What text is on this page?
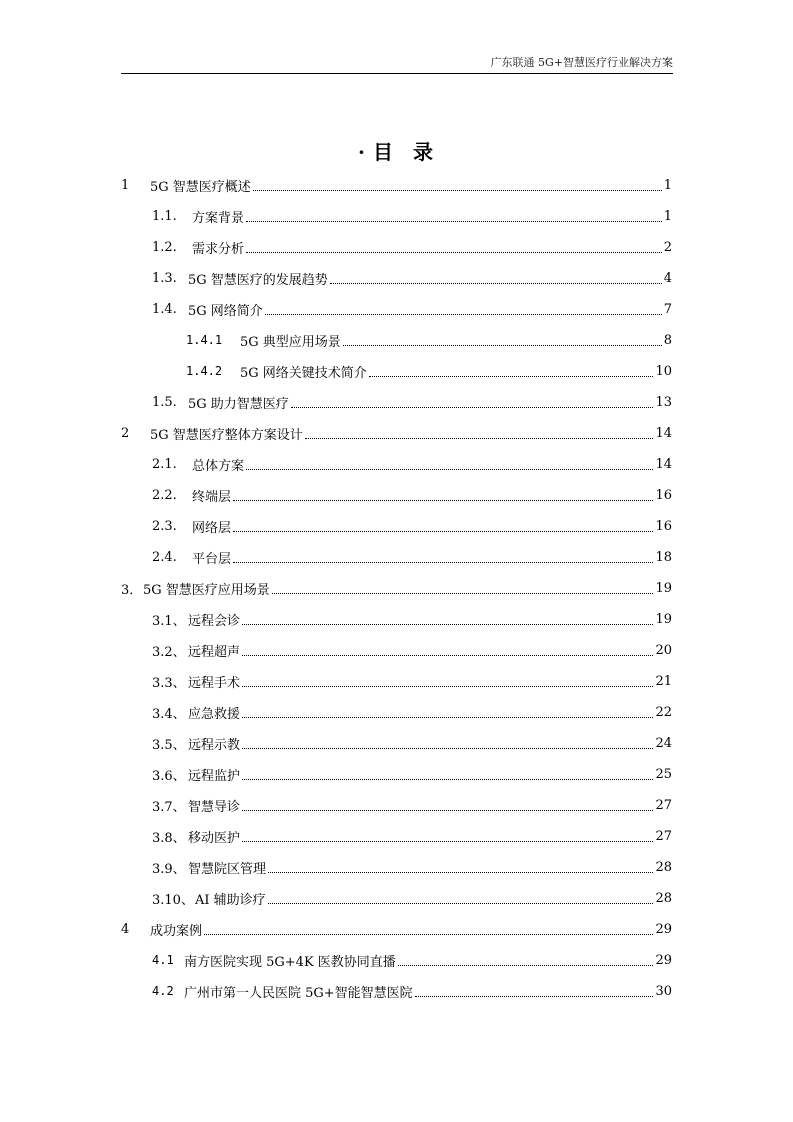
广东联通 5G+智慧医疗行业解决方案
· 目 录
1	5G 智慧医疗概述	1
1.1.	方案背景	1
1.2.	需求分析	2
1.3. 5G 智慧医疗的发展趋势	4
1.4. 5G 网络简介	7
1.4.1	5G 典型应用场景	8
1.4.2	5G 网络关键技术简介	10
1.5. 5G 助力智慧医疗	13
2	5G 智慧医疗整体方案设计	14
2.1.	总体方案	14
2.2.	终端层	16
2.3.	网络层	16
2.4.	平台层	18
3． 5G 智慧医疗应用场景	19
3.1、 远程会诊	19
3.2、 远程超声	20
3.3、 远程手术	21
3.4、 应急救援	22
3.5、 远程示教	24
3.6、 远程监护	25
3.7、 智慧导诊	27
3.8、 移动医护	27
3.9、 智慧院区管理	28
3.10、 AI 辅助诊疗	28
4	成功案例	29
4.1 南方医院实现 5G+4K 医教协同直播	29
4.2 广州市第一人民医院 5G+智能智慧医院	30
